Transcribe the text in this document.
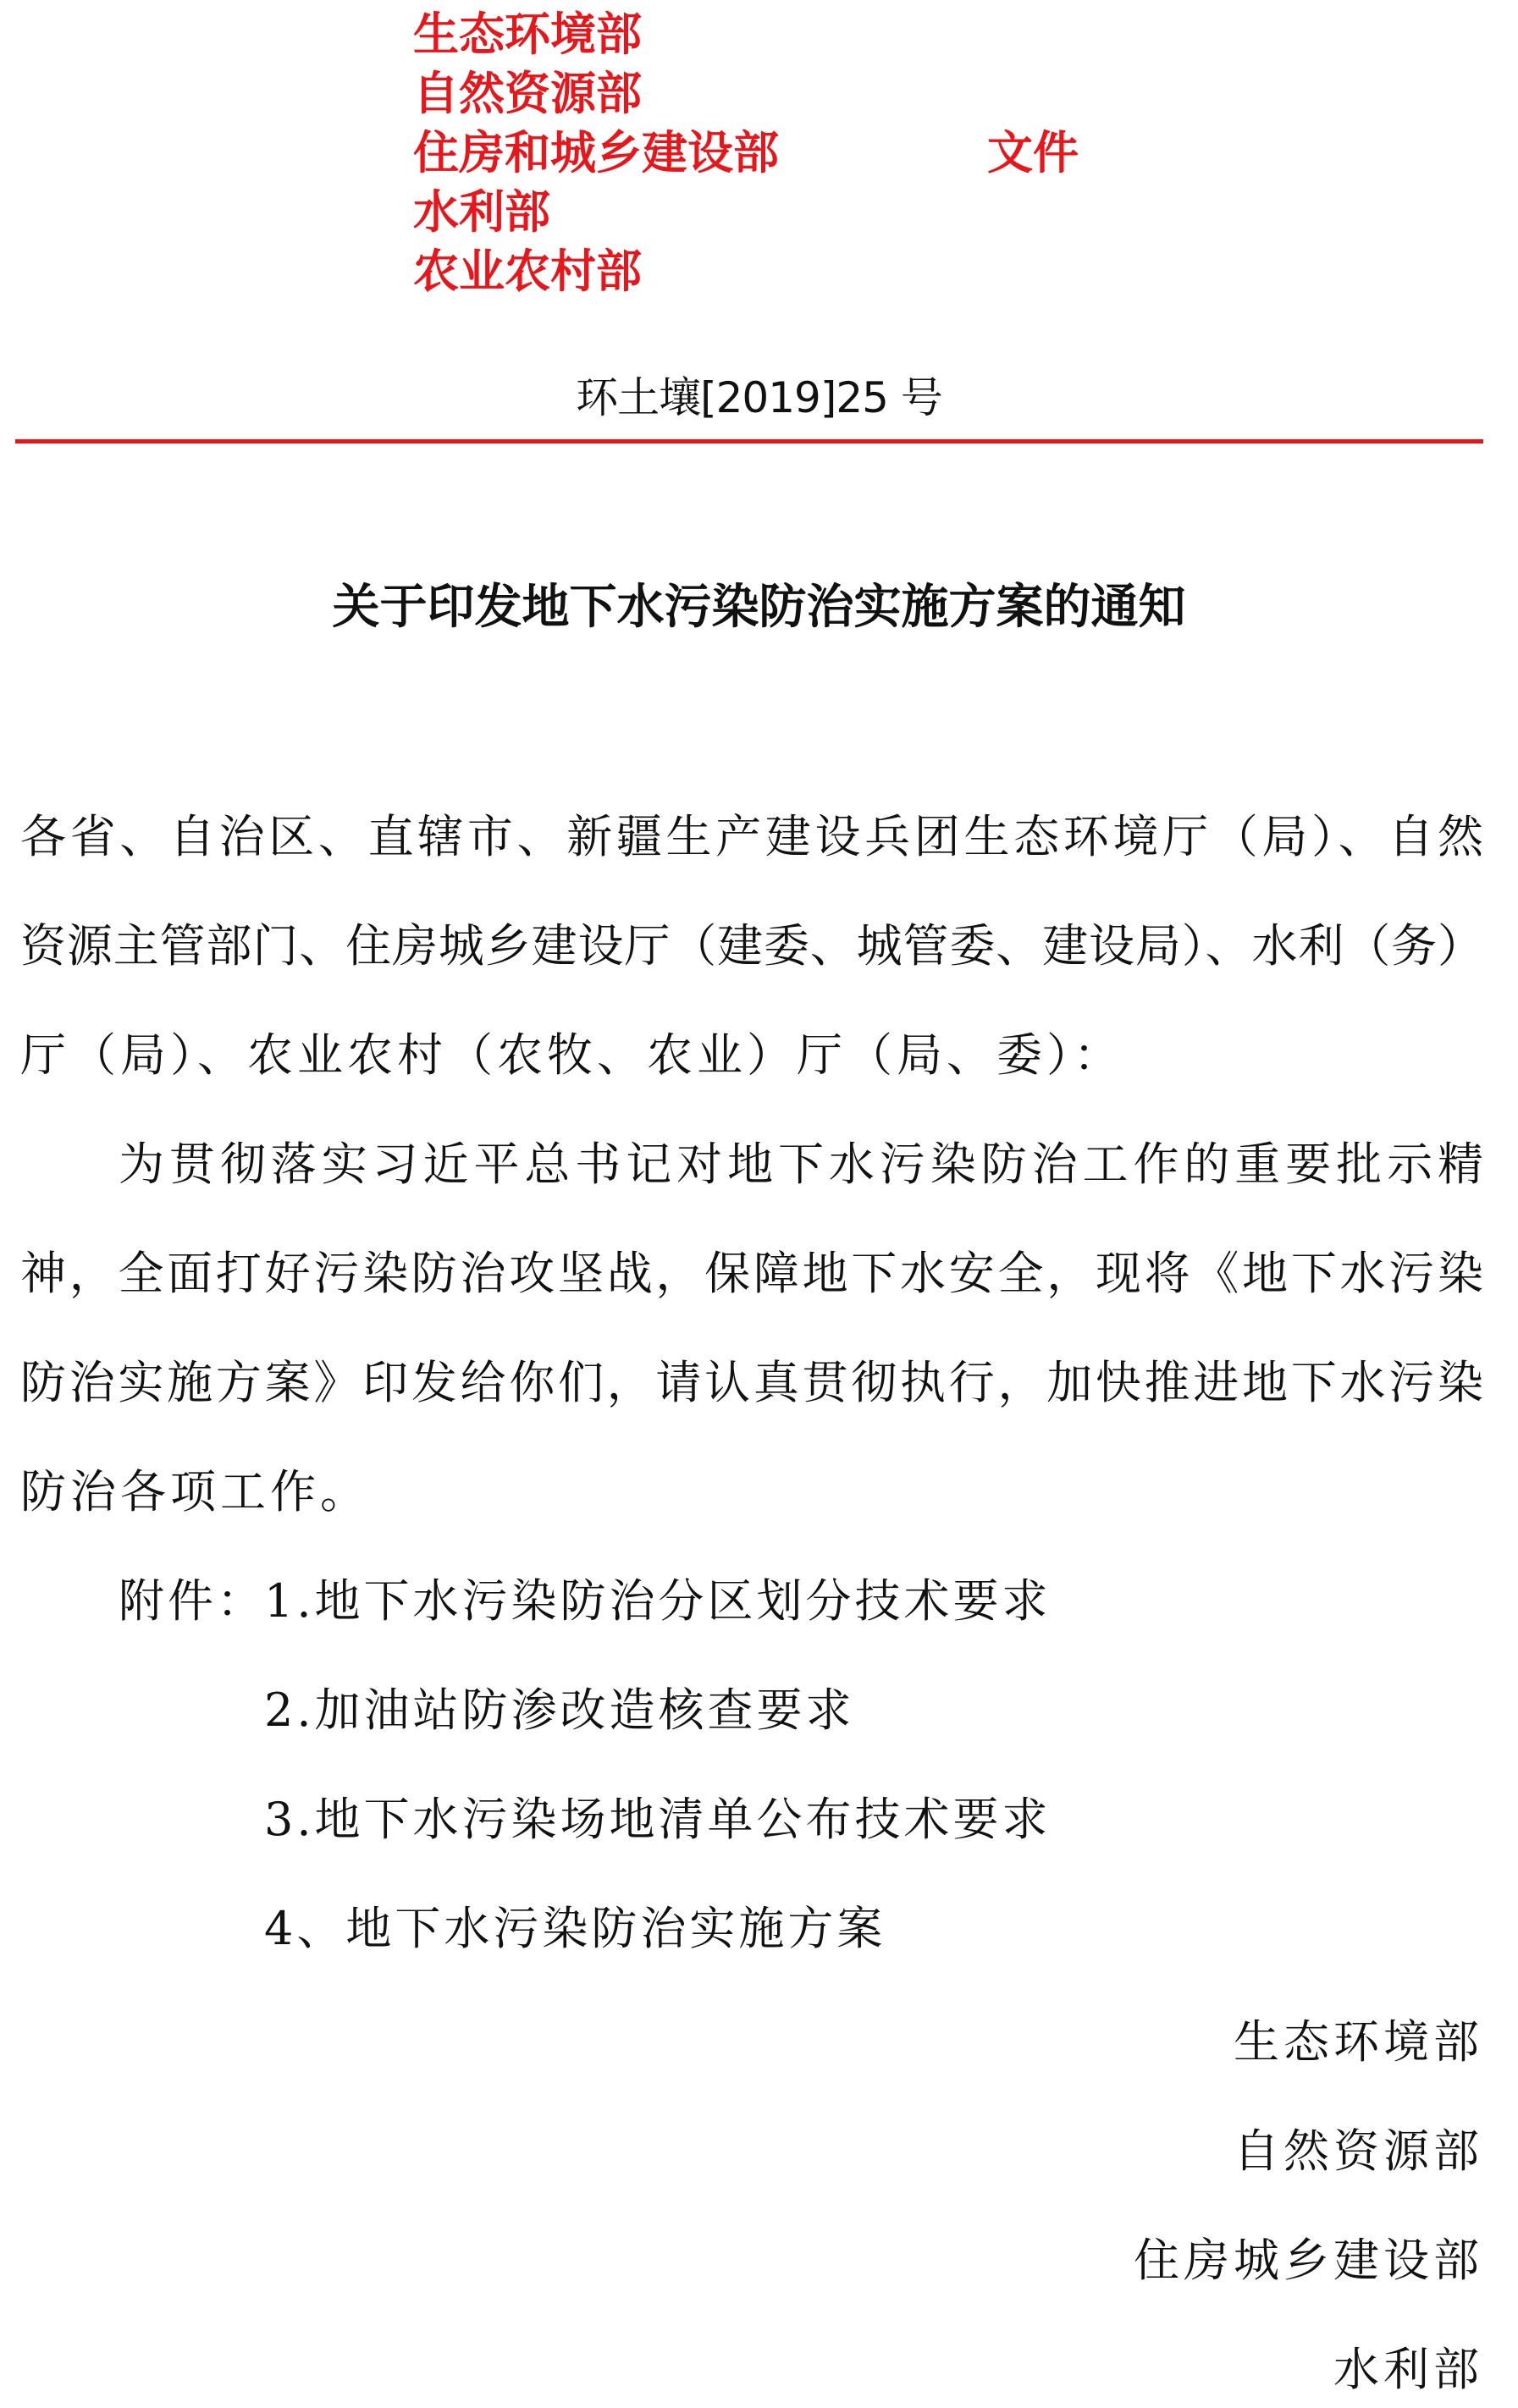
生态环境部
自然资源部
住房和城乡建设部
水利部
农业农村部
文件
环土壤[2019]25 号
关于印发地下水污染防治实施方案的通知
各省、自治区、直辖市、新疆生产建设兵团生态环境厅（局）、自然
资源主管部门、住房城乡建设厅（建委、城管委、建设局）、水利（务）
厅（局）、农业农村（农牧、农业）厅（局、委）：
为贯彻落实习近平总书记对地下水污染防治工作的重要批示精
神，全面打好污染防治攻坚战，保障地下水安全，现将《地下水污染
防治实施方案》印发给你们，请认真贯彻执行，加快推进地下水污染
防治各项工作。
附件：
1.地下水污染防治分区划分技术要求
2.加油站防渗改造核查要求
3.地下水污染场地清单公布技术要求
4、地下水污染防治实施方案
生态环境部
自然资源部
住房城乡建设部
水利部
